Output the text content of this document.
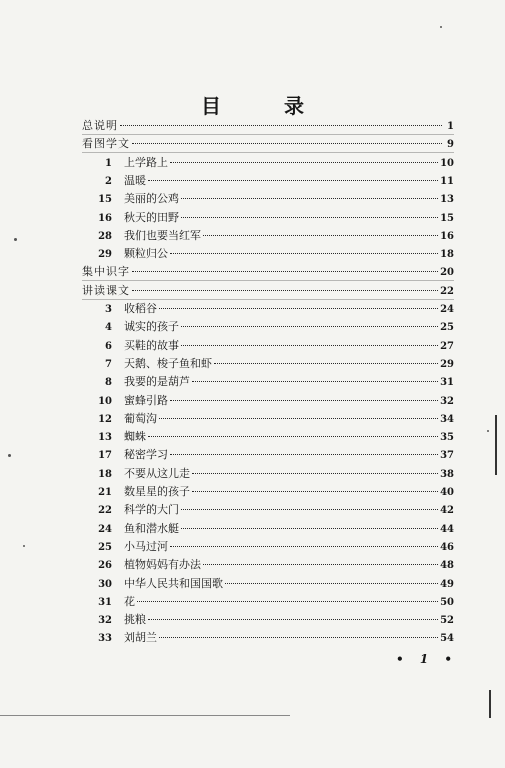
目 录
总说明	1
看图学文	9
1 上学路上	10
2 温暖	11
15 美丽的公鸡	13
16 秋天的田野	15
28 我们也要当红军	16
29 颗粒归公	18
集中识字	20
讲读课文	22
3 收稻谷	24
4 诚实的孩子	25
6 买鞋的故事	27
7 天鹅、梭子鱼和虾	29
8 我要的是葫芦	31
10 蜜蜂引路	32
12 葡萄沟	34
13 蜘蛛	35
17 秘密学习	37
18 不要从这儿走	38
21 数星星的孩子	40
22 科学的大门	42
24 鱼和潜水艇	44
25 小马过河	46
26 植物妈妈有办法	48
30 中华人民共和国国歌	49
31 花	50
32 挑粮	52
33 刘胡兰	54
• 1 •
